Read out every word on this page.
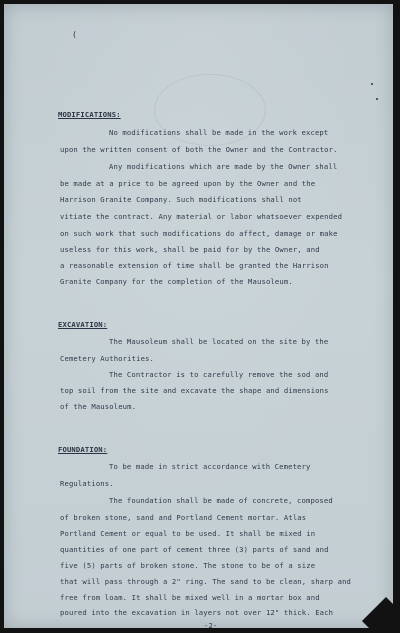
(
MODIFICATIONS:
No modifications shall be made in the work except
upon the written consent of both the Owner and the Contractor.
Any modifications which are made by the Owner shall
be made at a price to be agreed upon by the Owner and the
Harrison Granite Company. Such modifications shall not
vitiate the contract. Any material or labor whatsoever expended
on such work that such modifications do affect, damage or make
useless for this work, shall be paid for by the Owner, and
a reasonable extension of time shall be granted the Harrison
Granite Company for the completion of the Mausoleum.
EXCAVATION:
The Mausoleum shall be located on the site by the
Cemetery Authorities.
The Contractor is to carefully remove the sod and
top soil from the site and excavate the shape and dimensions
of the Mausoleum.
FOUNDATION:
To be made in strict accordance with Cemetery
Regulations.
The foundation shall be made of concrete, composed
of broken stone, sand and Portland Cement mortar. Atlas
Portland Cement or equal to be used. It shall be mixed in
quantities of one part of cement three (3) parts of sand and
five (5) parts of broken stone. The stone to be of a size
that will pass through a 2" ring. The sand to be clean, sharp and
free from loam. It shall be mixed well in a mortar box and
poured into the excavation in layers not over 12" thick. Each
-2-
